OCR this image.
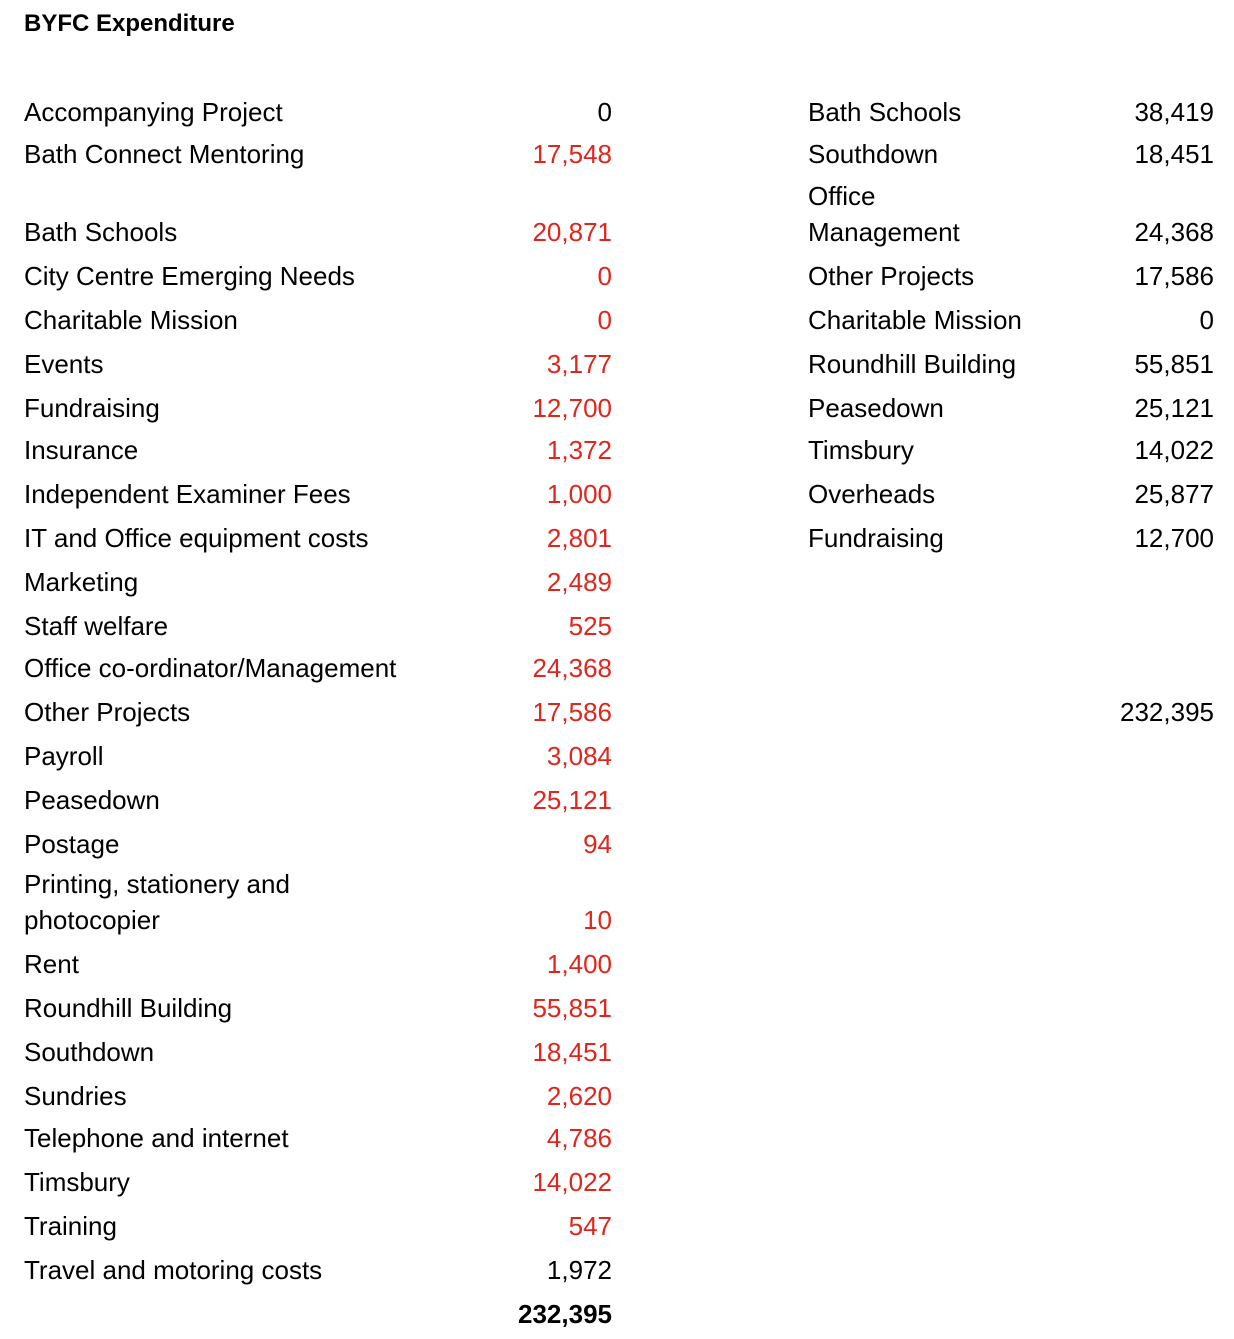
BYFC Expenditure
Accompanying Project	0
Bath Connect Mentoring	17,548
Bath Schools	20,871
City Centre Emerging Needs	0
Charitable Mission	0
Events	3,177
Fundraising	12,700
Insurance	1,372
Independent Examiner Fees	1,000
IT and Office equipment costs	2,801
Marketing	2,489
Staff welfare	525
Office co-ordinator/Management	24,368
Other Projects	17,586
Payroll	3,084
Peasedown	25,121
Postage	94
Printing, stationery and
photocopier	10
Rent	1,400
Roundhill Building	55,851
Southdown	18,451
Sundries	2,620
Telephone and internet	4,786
Timsbury	14,022
Training	547
Travel and motoring costs	1,972
232,395
Bath Schools	38,419
Southdown	18,451
Office
Management	24,368
Other Projects	17,586
Charitable Mission	0
Roundhill Building	55,851
Peasedown	25,121
Timsbury	14,022
Overheads	25,877
Fundraising	12,700
232,395
